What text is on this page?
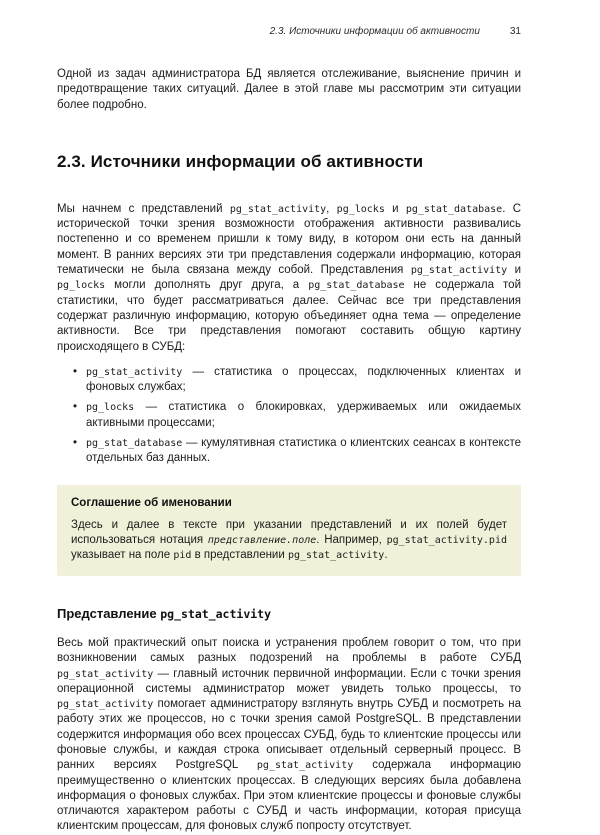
2.3. Источники информации об активности	31

Одной из задач администратора БД является отслеживание, выяснение причин и предотвращение таких ситуаций. Далее в этой главе мы рассмотрим эти ситуации более подробно.

2.3. Источники информации об активности

Мы начнем с представлений pg_stat_activity, pg_locks и pg_stat_database. С исторической точки зрения возможности отображения активности развивались постепенно и со временем пришли к тому виду, в котором они есть на данный момент. В ранних версиях эти три представления содержали информацию, которая тематически не была связана между собой. Представления pg_stat_activity и pg_locks могли дополнять друг друга, а pg_stat_database не содержала той статистики, что будет рассматриваться далее. Сейчас все три представления содержат различную информацию, которую объединяет одна тема — определение активности. Все три представления помогают составить общую картину происходящего в СУБД:

• pg_stat_activity — статистика о процессах, подключенных клиентах и фоновых службах;
• pg_locks — статистика о блокировках, удерживаемых или ожидаемых активными процессами;
• pg_stat_database — кумулятивная статистика о клиентских сеансах в контексте отдельных баз данных.

Соглашение об именовании

Здесь и далее в тексте при указании представлений и их полей будет использоваться нотация представление.поле. Например, pg_stat_activity.pid указывает на поле pid в представлении pg_stat_activity.

Представление pg_stat_activity

Весь мой практический опыт поиска и устранения проблем говорит о том, что при возникновении самых разных подозрений на проблемы в работе СУБД pg_stat_activity — главный источник первичной информации. Если с точки зрения операционной системы администратор может увидеть только процессы, то pg_stat_activity помогает администратору взглянуть внутрь СУБД и посмотреть на работу этих же процессов, но с точки зрения самой PostgreSQL. В представлении содержится информация обо всех процессах СУБД, будь то клиентские процессы или фоновые службы, и каждая строка описывает отдельный серверный процесс. В ранних версиях PostgreSQL pg_stat_activity содержала информацию преимущественно о клиентских процессах. В следующих версиях была добавлена информация о фоновых службах. При этом клиентские процессы и фоновые службы отличаются характером работы с СУБД и часть информации, которая присуща клиентским процессам, для фоновых служб попросту отсутствует.
